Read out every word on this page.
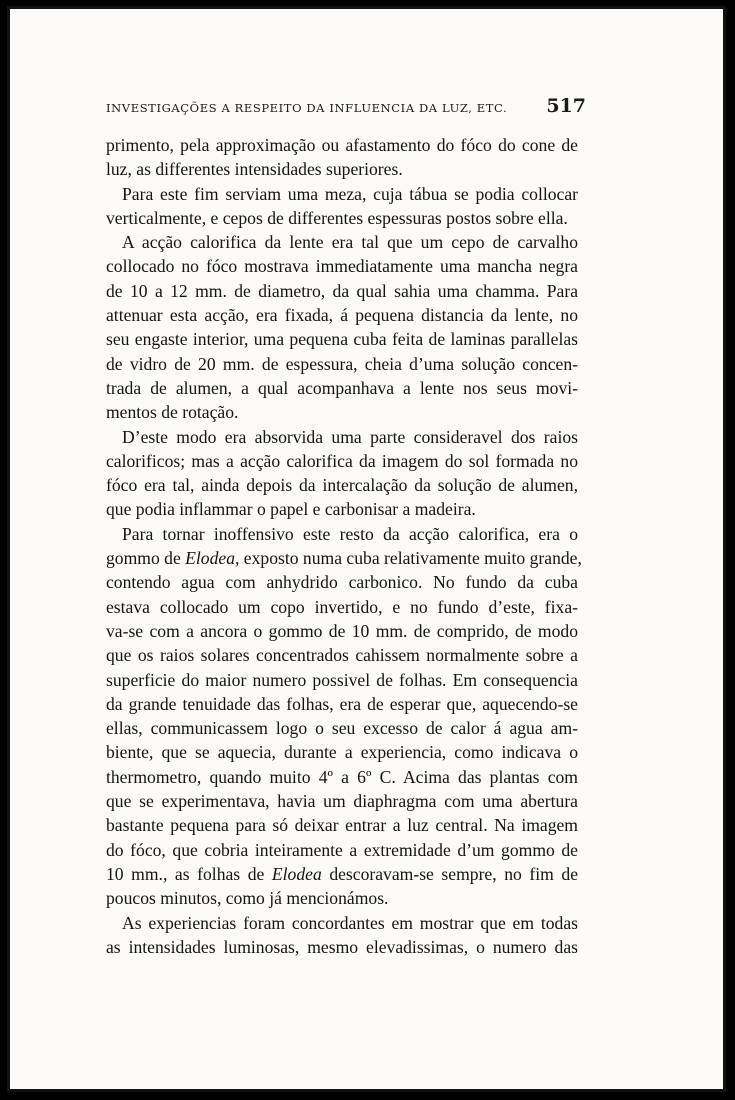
INVESTIGAÇÕES A RESPEITO DA INFLUENCIA DA LUZ, ETC. 517
primento, pela approximação ou afastamento do fóco do cone de
luz, as differentes intensidades superiores.
Para este fim serviam uma meza, cuja tábua se podia collocar
verticalmente, e cepos de differentes espessuras postos sobre ella.
A acção calorifica da lente era tal que um cepo de carvalho
collocado no fóco mostrava immediatamente uma mancha negra
de 10 a 12 mm. de diametro, da qual sahia uma chamma. Para
attenuar esta acção, era fixada, á pequena distancia da lente, no
seu engaste interior, uma pequena cuba feita de laminas parallelas
de vidro de 20 mm. de espessura, cheia d’uma solução concen-
trada de alumen, a qual acompanhava a lente nos seus movi-
mentos de rotação.
D’este modo era absorvida uma parte consideravel dos raios
calorificos; mas a acção calorifica da imagem do sol formada no
fóco era tal, ainda depois da intercalação da solução de alumen,
que podia inflammar o papel e carbonisar a madeira.
Para tornar inoffensivo este resto da acção calorifica, era o
gommo de Elodea, exposto numa cuba relativamente muito grande,
contendo agua com anhydrido carbonico. No fundo da cuba
estava collocado um copo invertido, e no fundo d’este, fixa-
va-se com a ancora o gommo de 10 mm. de comprido, de modo
que os raios solares concentrados cahissem normalmente sobre a
superficie do maior numero possivel de folhas. Em consequencia
da grande tenuidade das folhas, era de esperar que, aquecendo-se
ellas, communicassem logo o seu excesso de calor á agua am-
biente, que se aquecia, durante a experiencia, como indicava o
thermometro, quando muito 4º a 6º C. Acima das plantas com
que se experimentava, havia um diaphragma com uma abertura
bastante pequena para só deixar entrar a luz central. Na imagem
do fóco, que cobria inteiramente a extremidade d’um gommo de
10 mm., as folhas de Elodea descoravam-se sempre, no fim de
poucos minutos, como já mencionámos.
As experiencias foram concordantes em mostrar que em todas
as intensidades luminosas, mesmo elevadissimas, o numero das
